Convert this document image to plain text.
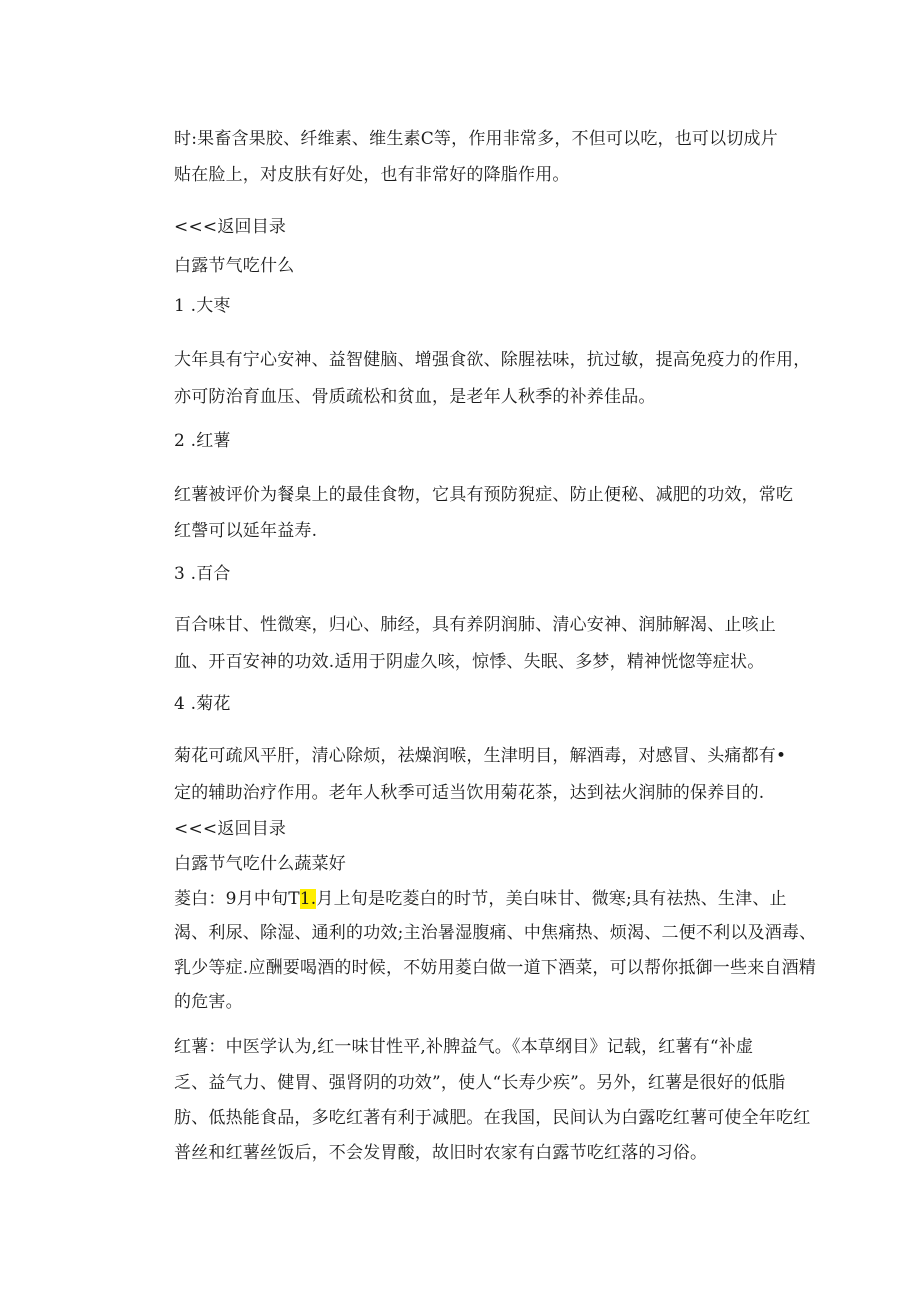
时:果畜含果胶、纤维素、维生素C等，作用非常多，不但可以吃，也可以切成片
贴在脸上，对皮肤有好处，也有非常好的降脂作用。
<<<返回目录
白露节气吃什么
1 .大枣
大年具有宁心安神、益智健脑、增强食欲、除腥祛味，抗过敏，提高免疫力的作用，
亦可防治育血压、骨质疏松和贫血，是老年人秋季的补养佳品。
2 .红薯
红薯被评价为餐臬上的最佳食物，它具有预防猊症、防止便秘、减肥的功效，常吃
红謦可以延年益寿.
3 .百合
百合味甘、性微寒，归心、肺经，具有养阴润肺、清心安神、润肺解渴、止咳止
血、开百安神的功效.适用于阴虚久咳，惊悸、失眠、多梦，精神恍惚等症状。
4 .菊花
菊花可疏风平肝，清心除烦，祛燥润喉，生津明目，解酒毒，对感冒、头痛都有•
定的辅助治疗作用。老年人秋季可适当饮用菊花茶，达到祛火润肺的保养目的.
<<<返回目录
白露节气吃什么蔬菜好
菱白：9月中旬T1.月上旬是吃菱白的时节，美白味甘、微寒;具有祛热、生津、止
渴、利尿、除湿、通利的功效;主治暑湿腹痛、中焦痛热、烦渴、二便不利以及酒毒、
乳少等症.应酬要喝酒的时候，不妨用菱白做一道下酒菜，可以帮你抵御一些来自酒精
的危害。
红薯：中医学认为,红一味甘性平,补脾益气。《本草纲目》记载，红薯有“补虚
乏、益气力、健胃、强肾阴的功效”，使人“长寿少疾”。另外，红薯是很好的低脂
肪、低热能食品，多吃红著有利于减肥。在我国，民间认为白露吃红薯可使全年吃红
普丝和红薯丝饭后，不会发胃酸，故旧时农家有白露节吃红落的习俗。
